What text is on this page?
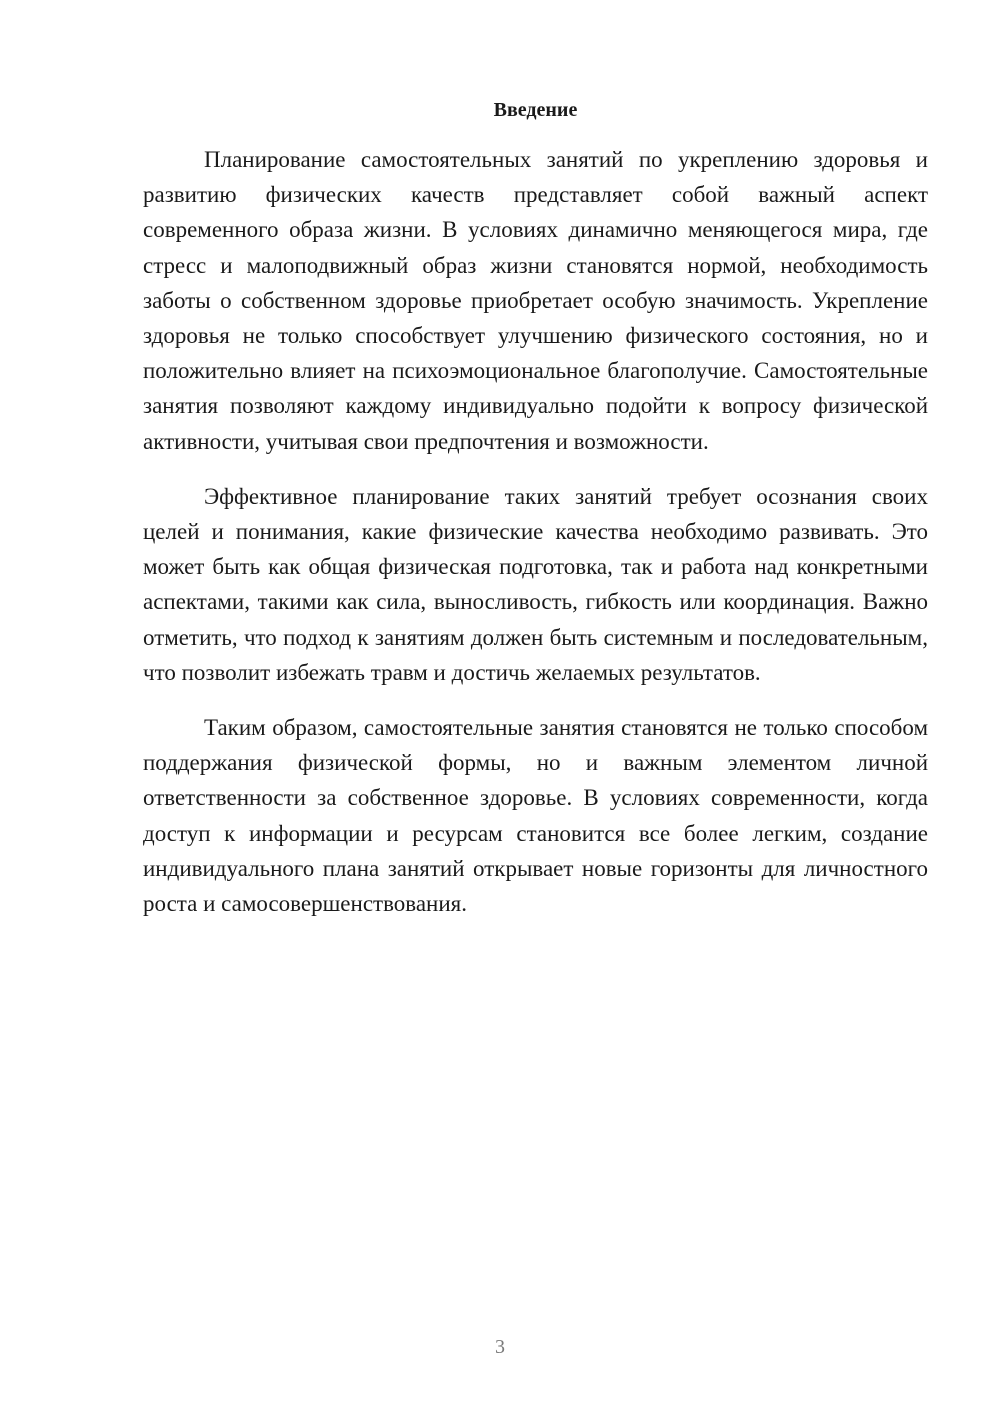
Введение

Планирование самостоятельных занятий по укреплению здоровья и развитию физических качеств представляет собой важный аспект современного образа жизни. В условиях динамично меняющегося мира, где стресс и малоподвижный образ жизни становятся нормой, необходимость заботы о собственном здоровье приобретает особую значимость. Укрепление здоровья не только способствует улучшению физического состояния, но и положительно влияет на психоэмоциональное благополучие. Самостоятельные занятия позволяют каждому индивидуально подойти к вопросу физической активности, учитывая свои предпочтения и возможности.

Эффективное планирование таких занятий требует осознания своих целей и понимания, какие физические качества необходимо развивать. Это может быть как общая физическая подготовка, так и работа над конкретными аспектами, такими как сила, выносливость, гибкость или координация. Важно отметить, что подход к занятиям должен быть системным и последовательным, что позволит избежать травм и достичь желаемых результатов.

Таким образом, самостоятельные занятия становятся не только способом поддержания физической формы, но и важным элементом личной ответственности за собственное здоровье. В условиях современности, когда доступ к информации и ресурсам становится все более легким, создание индивидуального плана занятий открывает новые горизонты для личностного роста и самосовершенствования.

3
